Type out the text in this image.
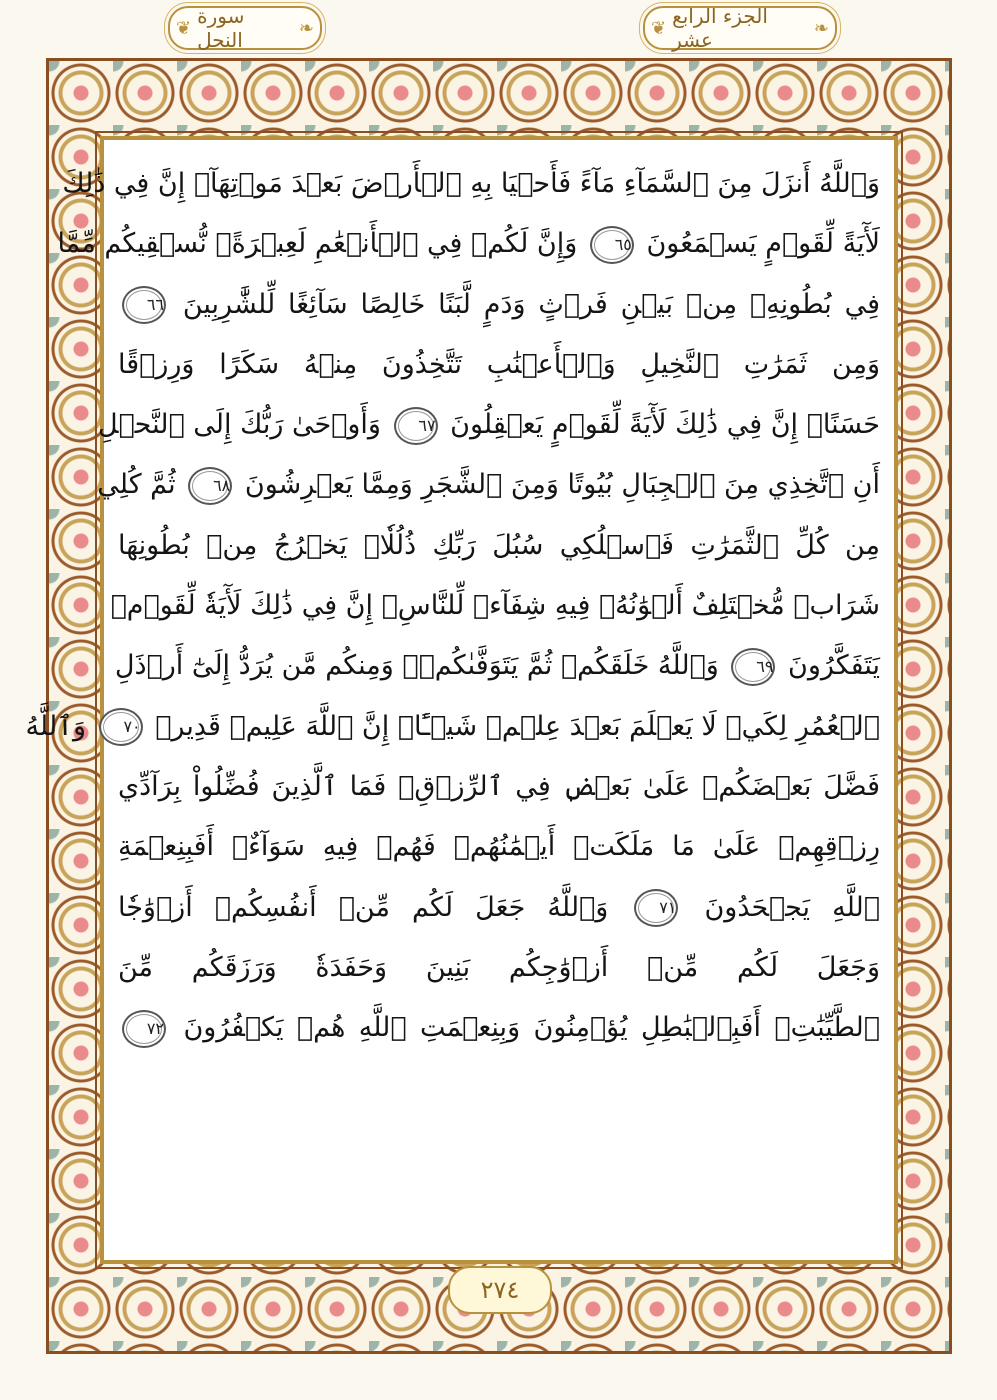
❦ سورة النحل	❧	❦ الجزء الرابع عشر	❧
وَٱللَّهُ أَنزَلَ مِنَ ٱلسَّمَآءِ مَآءً فَأَحۡيَا بِهِ ٱلۡأَرۡضَ بَعۡدَ مَوۡتِهَآۚ إِنَّ فِي ذَٰلِكَ
لَأٓيَةً لِّقَوۡمٍ يَسۡمَعُونَ ٦٥ وَإِنَّ لَكُمۡ فِي ٱلۡأَنۡعَٰمِ لَعِبۡرَةًۖ نُّسۡقِيكُم مِّمَّا
فِي بُطُونِهِۦ مِنۢ بَيۡنِ فَرۡثٍ وَدَمٍ لَّبَنًا خَالِصًا سَآئِغًا لِّلشَّٰرِبِينَ ٦٦
وَمِن ثَمَرَٰتِ ٱلنَّخِيلِ وَٱلۡأَعۡنَٰبِ تَتَّخِذُونَ مِنۡهُ سَكَرًا وَرِزۡقًا
حَسَنًاۚ إِنَّ فِي ذَٰلِكَ لَأٓيَةً لِّقَوۡمٍ يَعۡقِلُونَ ٦٧ وَأَوۡحَىٰ رَبُّكَ إِلَى ٱلنَّحۡلِ
أَنِ ٱتَّخِذِي مِنَ ٱلۡجِبَالِ بُيُوتًا وَمِنَ ٱلشَّجَرِ وَمِمَّا يَعۡرِشُونَ ٦٨ ثُمَّ كُلِي
مِن كُلِّ ٱلثَّمَرَٰتِ فَٱسۡلُكِي سُبُلَ رَبِّكِ ذُلُلٗاۚ يَخۡرُجُ مِنۢ بُطُونِهَا
شَرَابٞ مُّخۡتَلِفٌ أَلۡوَٰنُهُۥ فِيهِ شِفَآءٞ لِّلنَّاسِۚ إِنَّ فِي ذَٰلِكَ لَأٓيَةٗ لِّقَوۡمٖ
يَتَفَكَّرُونَ ٦٩ وَٱللَّهُ خَلَقَكُمۡ ثُمَّ يَتَوَفَّىٰكُمۡۚ وَمِنكُم مَّن يُرَدُّ إِلَىٰٓ أَرۡذَلِ
ٱلۡعُمُرِ لِكَيۡ لَا يَعۡلَمَ بَعۡدَ عِلۡمٖ شَيۡـًٔاۚ إِنَّ ٱللَّهَ عَلِيمٞ قَدِيرٞ ٧٠ وَٱللَّهُ
فَضَّلَ بَعۡضَكُمۡ عَلَىٰ بَعۡضٖ فِي ٱلرِّزۡقِۚ فَمَا ٱلَّذِينَ فُضِّلُواْ بِرَآدِّي
رِزۡقِهِمۡ عَلَىٰ مَا مَلَكَتۡ أَيۡمَٰنُهُمۡ فَهُمۡ فِيهِ سَوَآءٌۚ أَفَبِنِعۡمَةِ
ٱللَّهِ يَجۡحَدُونَ ٧١ وَٱللَّهُ جَعَلَ لَكُم مِّنۡ أَنفُسِكُمۡ أَزۡوَٰجٗا
وَجَعَلَ لَكُم مِّنۡ أَزۡوَٰجِكُم بَنِينَ وَحَفَدَةٗ وَرَزَقَكُم مِّنَ
ٱلطَّيِّبَٰتِۚ أَفَبِٱلۡبَٰطِلِ يُؤۡمِنُونَ وَبِنِعۡمَتِ ٱللَّهِ هُمۡ يَكۡفُرُونَ ٧٢
٢٧٤
